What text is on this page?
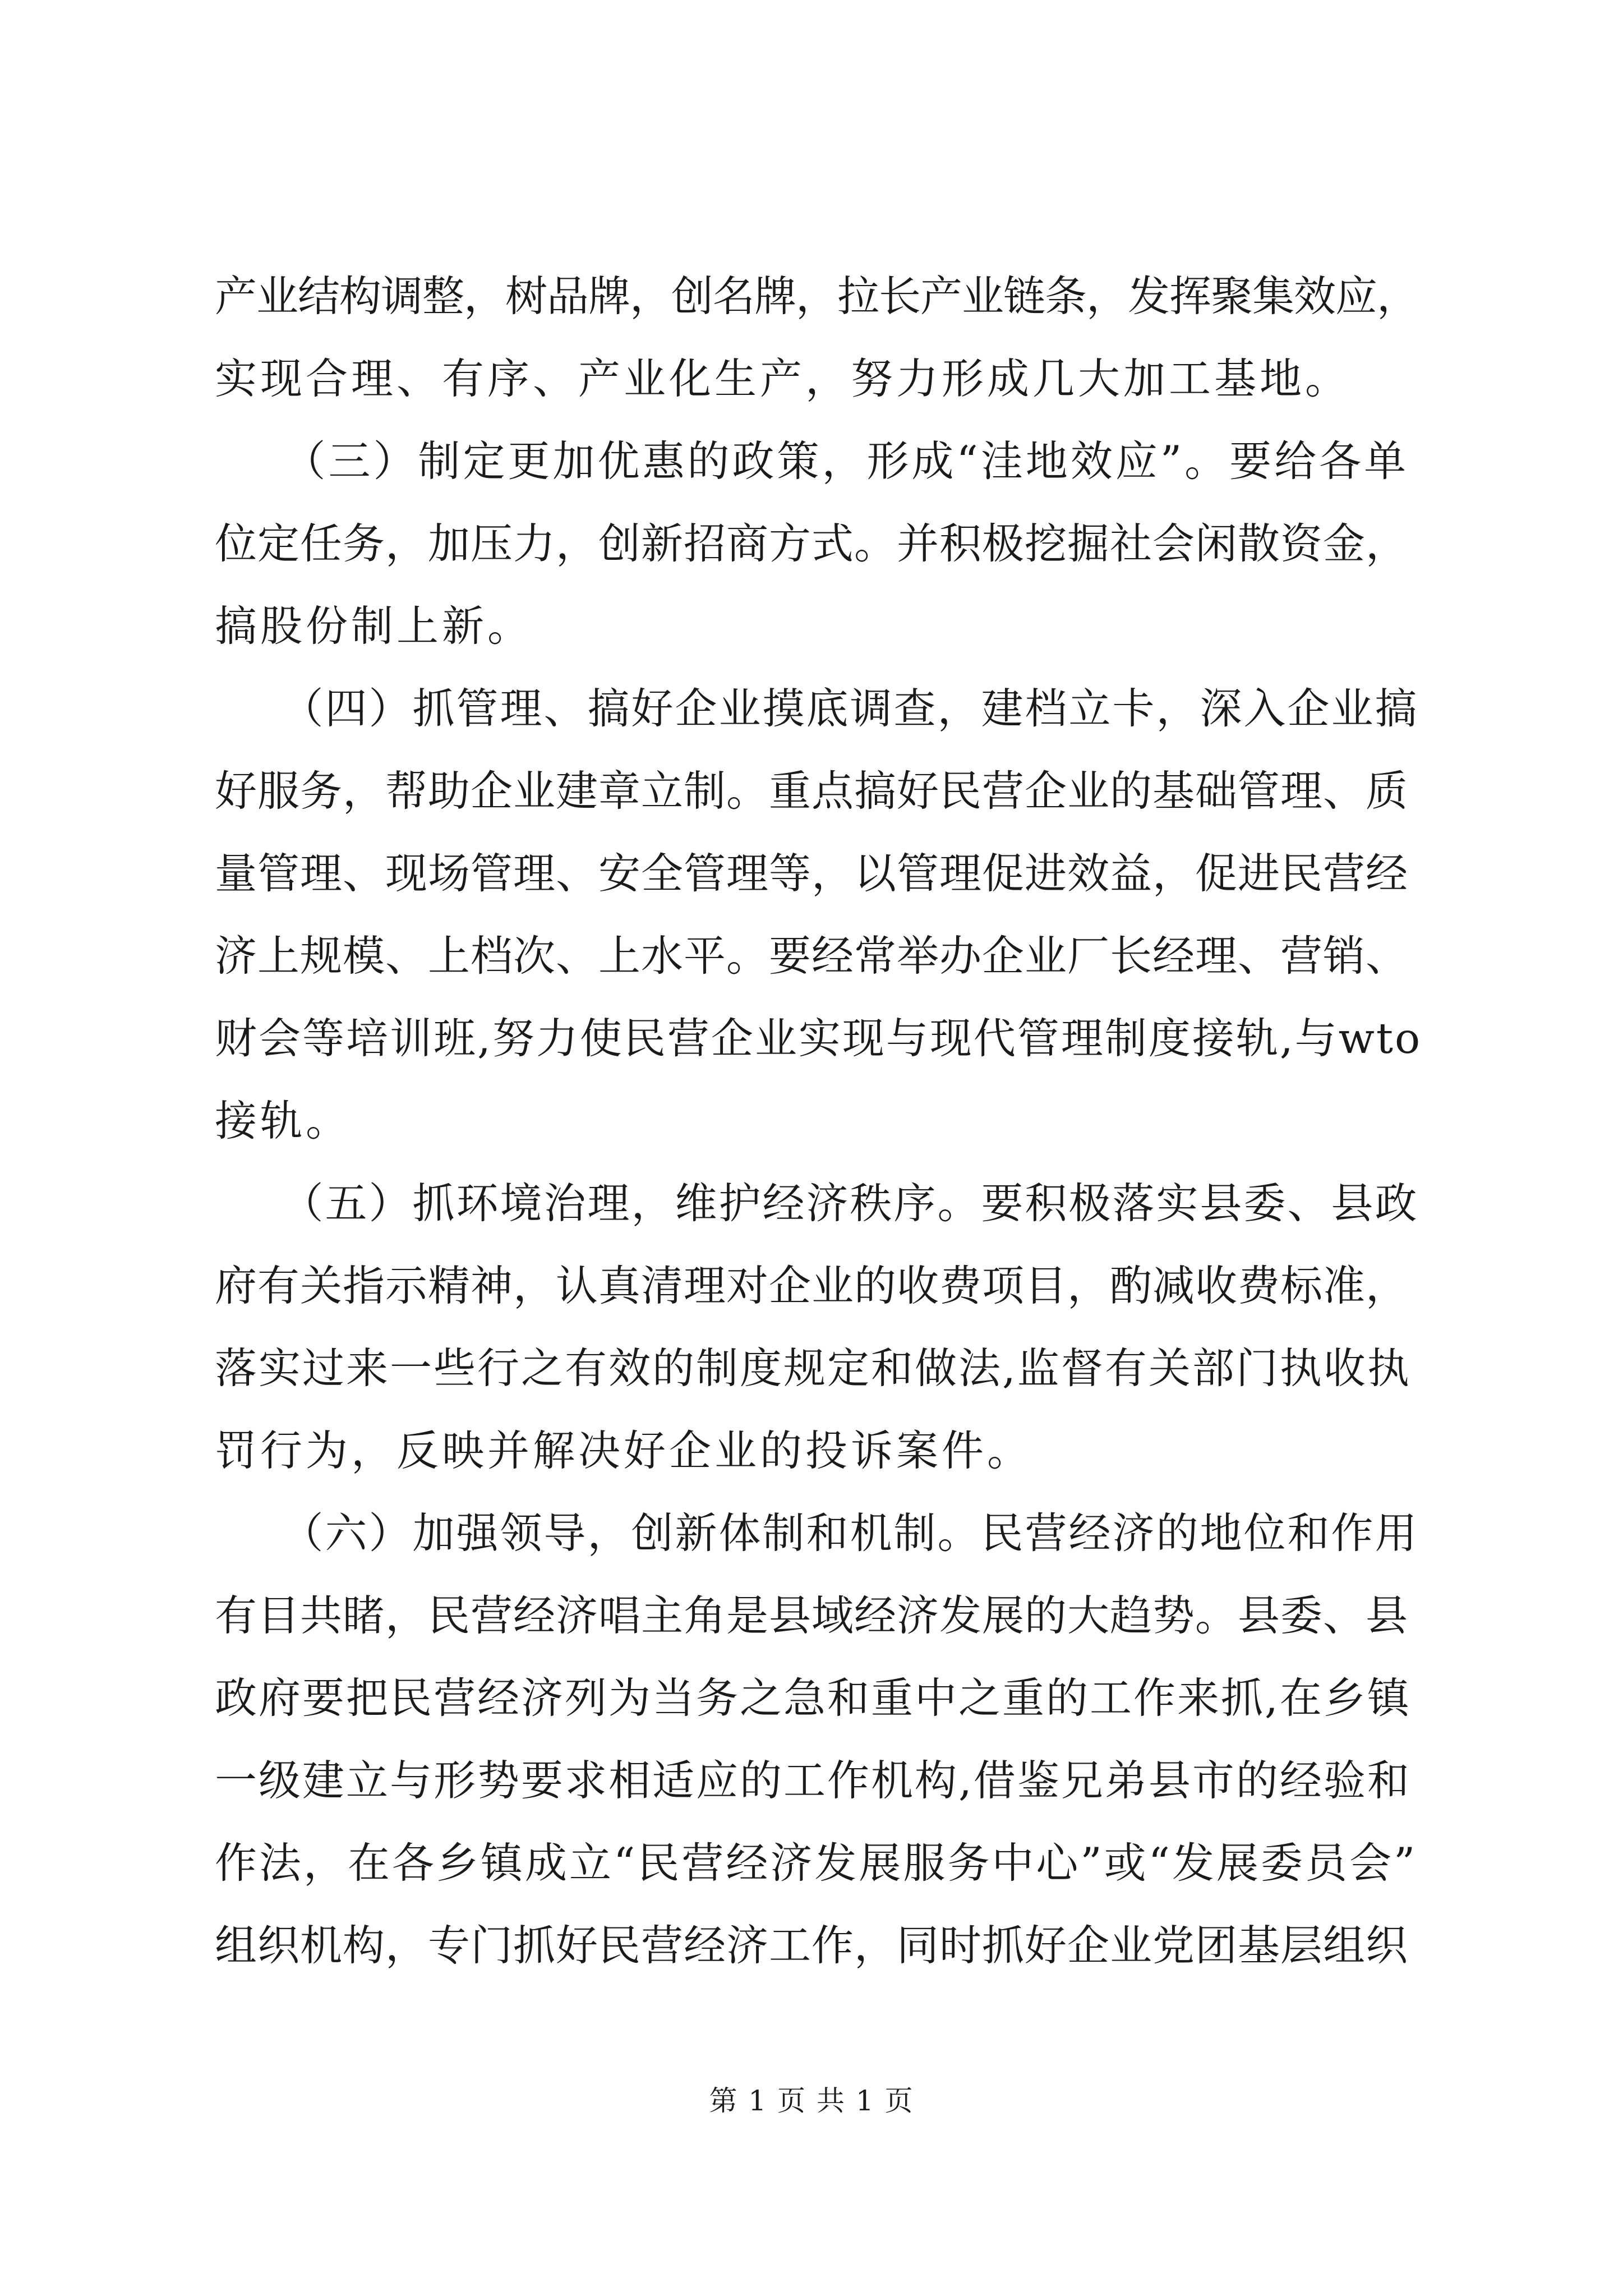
产业结构调整，树品牌，创名牌，拉长产业链条，发挥聚集效应，
实现合理、有序、产业化生产，努力形成几大加工基地。
　　（三）制定更加优惠的政策，形成“洼地效应”。要给各单
位定任务，加压力，创新招商方式。并积极挖掘社会闲散资金，
搞股份制上新。
　　（四）抓管理、搞好企业摸底调查，建档立卡，深入企业搞
好服务，帮助企业建章立制。重点搞好民营企业的基础管理、质
量管理、现场管理、安全管理等，以管理促进效益，促进民营经
济上规模、上档次、上水平。要经常举办企业厂长经理、营销、
财会等培训班,努力使民营企业实现与现代管理制度接轨,与wto
接轨。
　　（五）抓环境治理，维护经济秩序。要积极落实县委、县政
府有关指示精神，认真清理对企业的收费项目，酌减收费标准，
落实过来一些行之有效的制度规定和做法,监督有关部门执收执
罚行为，反映并解决好企业的投诉案件。
　　（六）加强领导，创新体制和机制。民营经济的地位和作用
有目共睹，民营经济唱主角是县域经济发展的大趋势。县委、县
政府要把民营经济列为当务之急和重中之重的工作来抓,在乡镇
一级建立与形势要求相适应的工作机构,借鉴兄弟县市的经验和
作法，在各乡镇成立“民营经济发展服务中心”或“发展委员会”
组织机构，专门抓好民营经济工作，同时抓好企业党团基层组织
第 1 页 共 1 页
